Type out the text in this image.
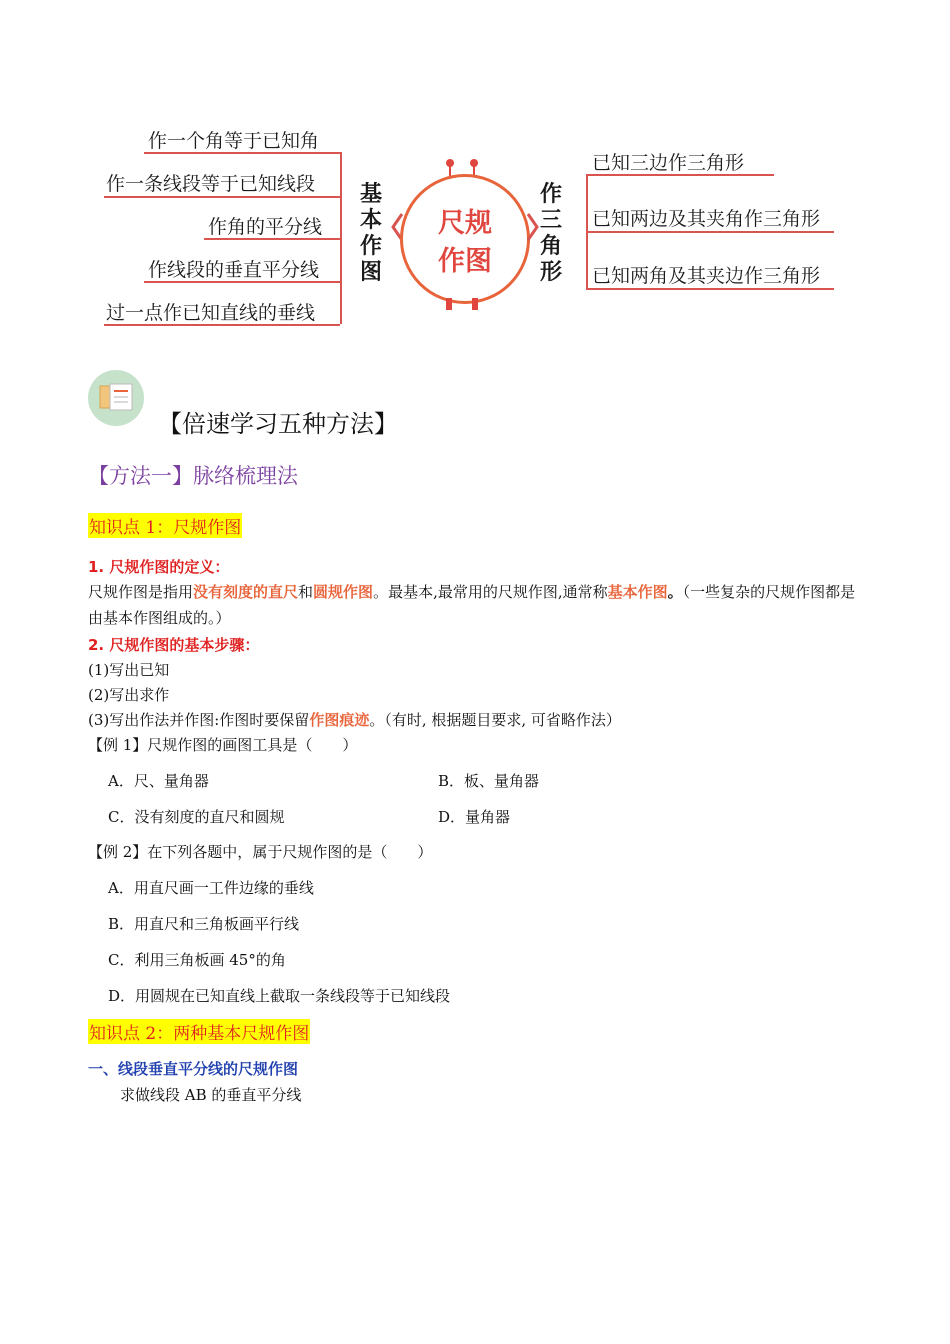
作一个角等于已知角
作一条线段等于已知线段
作角的平分线
作线段的垂直平分线
过一点作已知直线的垂线
基
本
作
图
尺规
作图
作
三
角
形
已知三边作三角形
已知两边及其夹角作三角形
已知两角及其夹边作三角形
【倍速学习五种方法】
【方法一】脉络梳理法
知识点 1：尺规作图
1. 尺规作图的定义：
尺规作图是指用没有刻度的直尺和圆规作图。最基本,最常用的尺规作图,通常称基本作图。（一些复杂的尺规作图都是由基本作图组成的。）
2. 尺规作图的基本步骤：
(1)写出已知
(2)写出求作
(3)写出作法并作图:作图时要保留作图痕迹。（有时, 根据题目要求, 可省略作法）
【例 1】尺规作图的画图工具是（　　）
A．尺、量角器	B．板、量角器
C．没有刻度的直尺和圆规	D．量角器
【例 2】在下列各题中，属于尺规作图的是（　　）
A．用直尺画一工件边缘的垂线
B．用直尺和三角板画平行线
C．利用三角板画 45°的角
D．用圆规在已知直线上截取一条线段等于已知线段
知识点 2：两种基本尺规作图
一、线段垂直平分线的尺规作图
求做线段 AB 的垂直平分线
